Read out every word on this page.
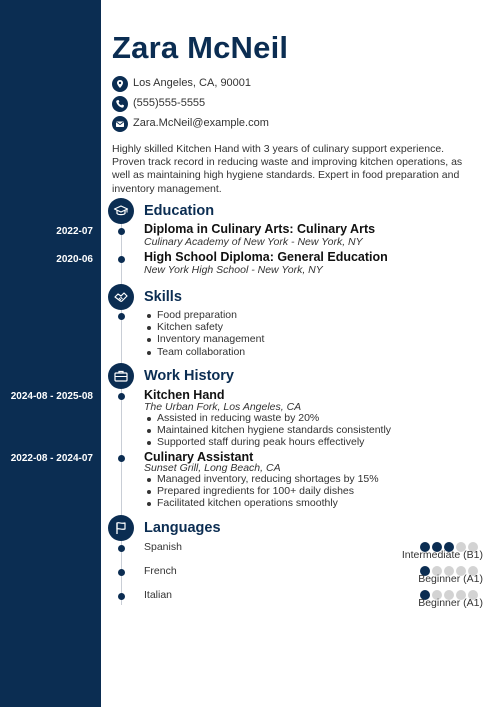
Zara McNeil
Los Angeles, CA, 90001
(555)555-5555
Zara.McNeil@example.com

Highly skilled Kitchen Hand with 3 years of culinary support experience. Proven track record in reducing waste and improving kitchen operations, as well as maintaining high hygiene standards. Expert in food preparation and inventory management.

Education
2022-07	Diploma in Culinary Arts: Culinary Arts
Culinary Academy of New York - New York, NY
2020-06	High School Diploma: General Education
New York High School - New York, NY
Skills
Food preparation
Kitchen safety
Inventory management
Team collaboration
Work History
2024-08 - 2025-08	Kitchen Hand
The Urban Fork, Los Angeles, CA
Assisted in reducing waste by 20%
Maintained kitchen hygiene standards consistently
Supported staff during peak hours effectively
2022-08 - 2024-07	Culinary Assistant
Sunset Grill, Long Beach, CA
Managed inventory, reducing shortages by 15%
Prepared ingredients for 100+ daily dishes
Facilitated kitchen operations smoothly
Languages
Spanish
Intermediate (B1)
French
Beginner (A1)
Italian
Beginner (A1)
